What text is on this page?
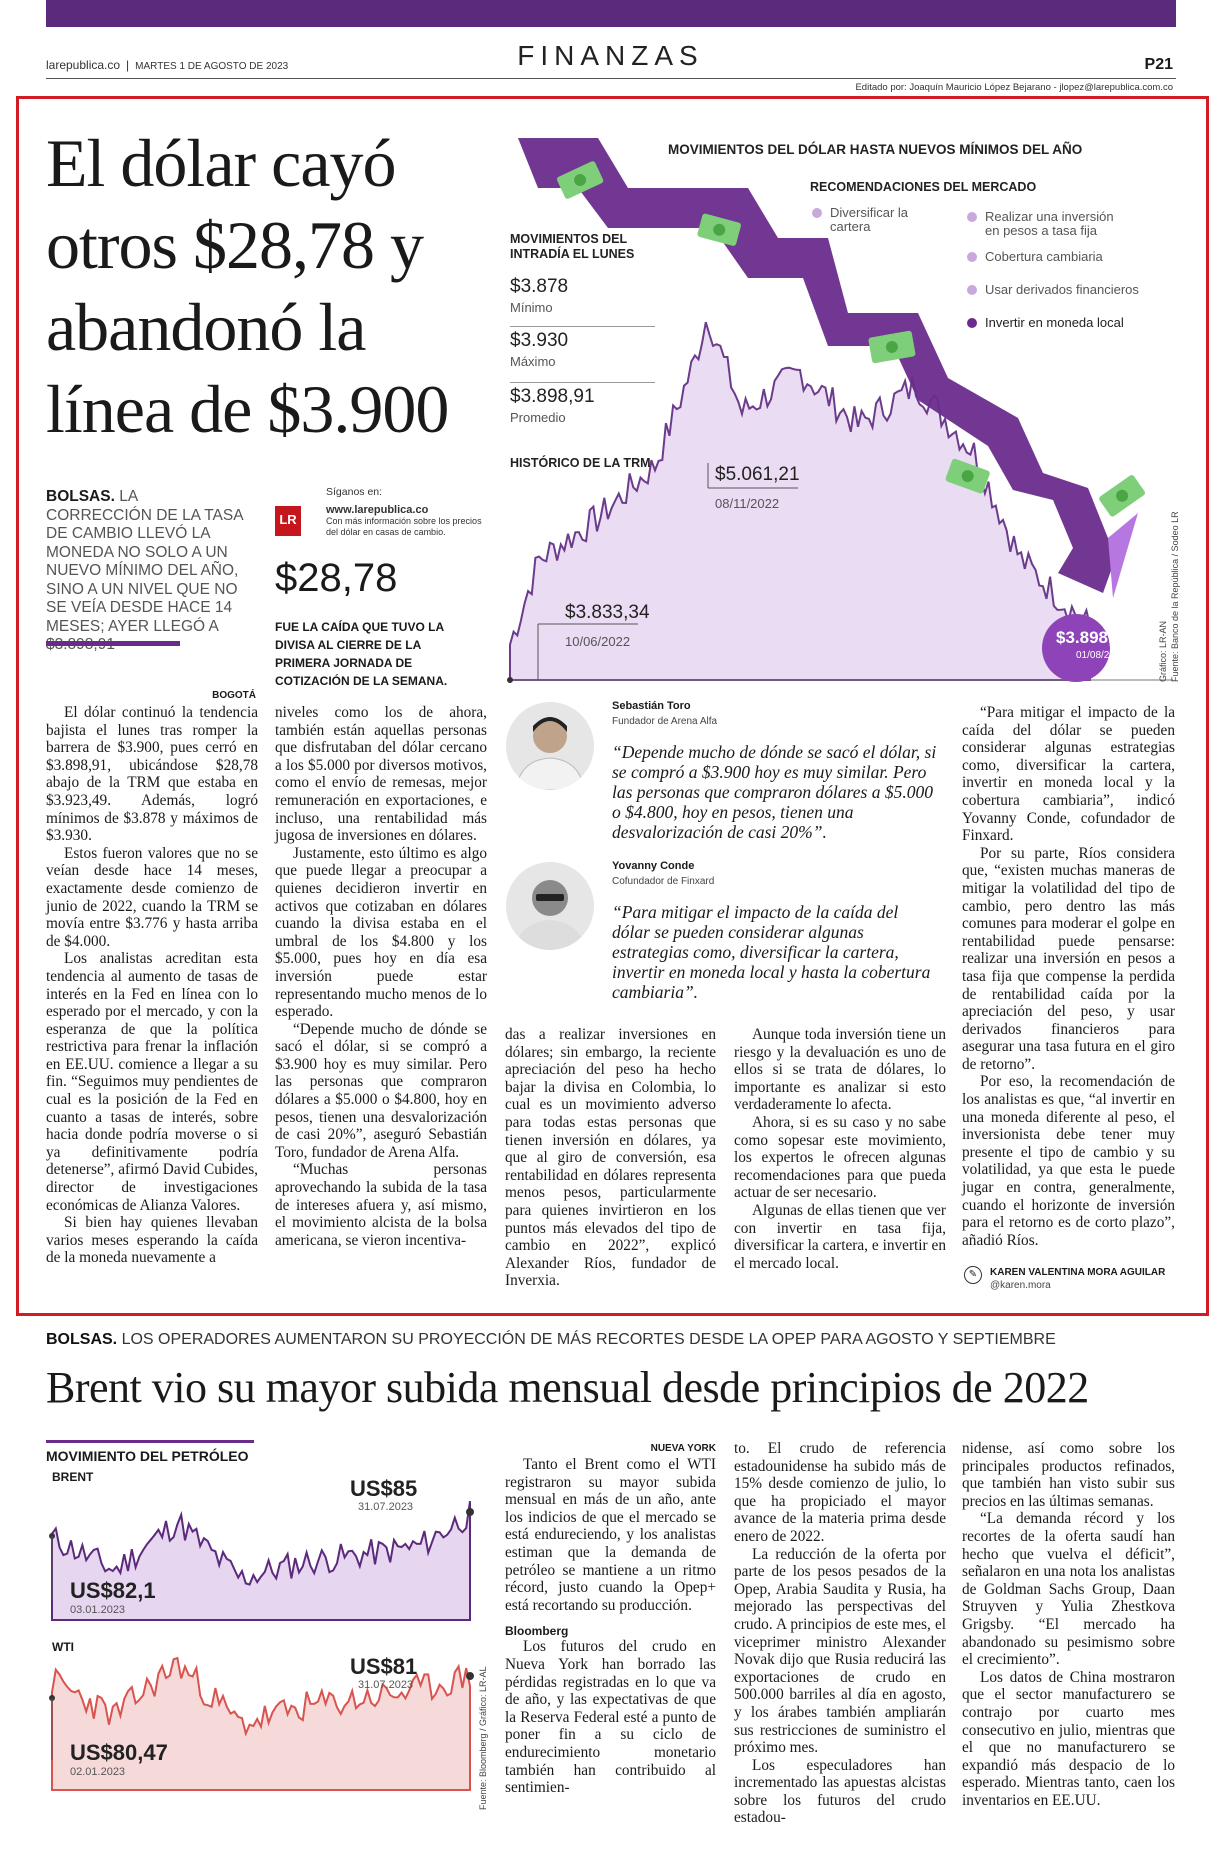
FINANZAS
larepublica.co | MARTES 1 DE AGOSTO DE 2023	P21
Editado por: Joaquín Mauricio López Bejarano - jlopez@larepublica.com.co
El dólar cayó otros $28,78 y abandonó la línea de $3.900
BOLSAS. LA CORRECCIÓN DE LA TASA DE CAMBIO LLEVÓ LA MONEDA NO SOLO A UN NUEVO MÍNIMO DEL AÑO, SINO A UN NIVEL QUE NO SE VEÍA DESDE HACE 14 MESES; AYER LLEGÓ A
LR
Síganos en:
www.larepublica.co
Con más información sobre los precios del dólar en casas de cambio.
$28,78
FUE LA CAÍDA QUE TUVO LA DIVISA AL CIERRE DE LA PRIMERA JORNADA DE COTIZACIÓN DE LA SEMANA.
BOGOTÁ

El dólar continuó la tendencia bajista el lunes tras romper la barrera de $3.900, pues cerró en $3.898,91, ubicándose $28,78 abajo de la TRM que estaba en $3.923,49. Además, logró mínimos de $3.878 y máximos de $3.930.

Estos fueron valores que no se veían desde hace 14 meses, exactamente desde comienzo de junio de 2022, cuando la TRM se movía entre $3.776 y hasta arriba de $4.000.

Los analistas acreditan esta tendencia al aumento de tasas de interés en la Fed en línea con lo esperado por el mercado, y con la esperanza de que la política restrictiva para frenar la inflación en EE.UU. comience a llegar a su fin. “Seguimos muy pendientes de cual es la posición de la Fed en cuanto a tasas de interés, sobre hacia donde podría moverse o si ya definitivamente podría detenerse”, afirmó David Cubides, director de investigaciones económicas de Alianza Valores.

Si bien hay quienes llevaban varios meses esperando la caída de la moneda nuevamente a

niveles como los de ahora, también están aquellas personas que disfrutaban del dólar cercano a los $5.000 por diversos motivos, como el envío de remesas, mejor remuneración en exportaciones, e incluso, una rentabilidad más jugosa de inversiones en dólares.

Justamente, esto último es algo que puede llegar a preocupar a quienes decidieron invertir en activos que cotizaban en dólares cuando la divisa estaba en el umbral de los $4.800 y los $5.000, pues hoy en día esa inversión puede estar representando mucho menos de lo esperado.

“Depende mucho de dónde se sacó el dólar, si se compró a $3.900 hoy es muy similar. Pero las personas que compraron dólares a $5.000 o $4.800, hoy en pesos, tienen una desvalorización de casi 20%”, aseguró Sebastián Toro, fundador de Arena Alfa.

“Muchas personas aprovechando la subida de la tasa de intereses afuera y, así mismo, el movimiento alcista de la bolsa americana, se vieron incentiva-

das a realizar inversiones en dólares; sin embargo, la reciente apreciación del peso ha hecho bajar la divisa en Colombia, lo cual es un movimiento adverso para todas estas personas que tienen inversión en dólares, ya que al giro de conversión, esa rentabilidad en dólares representa menos pesos, particularmente para quienes invirtieron en los puntos más elevados del tipo de cambio en 2022”, explicó Alexander Ríos, fundador de Inverxia.

Aunque toda inversión tiene un riesgo y la devaluación es uno de ellos si se trata de dólares, lo importante es analizar si esto verdaderamente lo afecta.

Ahora, si es su caso y no sabe como sopesar este movimiento, los expertos le ofrecen algunas recomendaciones para que pueda actuar de ser necesario.

Algunas de ellas tienen que ver con invertir en tasa fija, diversificar la cartera, e invertir en el mercado local.

“Para mitigar el impacto de la caída del dólar se pueden considerar algunas estrategias como, diversificar la cartera, invertir en moneda local y la cobertura cambiaria”, indicó Yovanny Conde, cofundador de Finxard.

Por su parte, Ríos considera que, “existen muchas maneras de mitigar la volatilidad del tipo de cambio, pero dentro las más comunes para moderar el golpe en rentabilidad puede pensarse: realizar una inversión en pesos a tasa fija que compense la perdida de rentabilidad caída por la apreciación del peso, y usar derivados financieros para asegurar una tasa futura en el giro de retorno”.

Por eso, la recomendación de los analistas es que, “al invertir en una moneda diferente al peso, el inversionista debe tener muy presente el tipo de cambio y su volatilidad, ya que esta le puede jugar en contra, generalmente, cuando el horizonte de inversión para el retorno es de corto plazo”, añadió Ríos.

Sebastián Toro
Fundador de Arena Alfa
“Depende mucho de dónde se sacó el dólar, si se compró a $3.900 hoy es muy similar. Pero las personas que compraron dólares a $5.000 o $4.800, hoy en pesos, tienen una desvalorización de casi 20%”.
Yovanny Conde
Cofundador de Finxard
“Para mitigar el impacto de la caída del dólar se pueden considerar algunas estrategias como, diversificar la cartera, invertir en moneda local y hasta la cobertura cambiaria”.
✎	KAREN VALENTINA MORA AGUILAR
@karen.mora
MOVIMIENTOS DEL DÓLAR HASTA NUEVOS MÍNIMOS DEL AÑO
RECOMENDACIONES DEL MERCADO
Diversificar la cartera
Realizar una inversión en pesos a tasa fija
Cobertura cambiaria
Usar derivados financieros
Invertir en moneda local
MOVIMIENTOS DEL INTRADÍA EL LUNES
$3.878
Mínimo
$3.930
Máximo
$3.898,91
Promedio
HISTÓRICO DE LA TRM
$5.061,21
08/11/2022
$3.833,34
10/06/2022	$3.898,48
01/08/2023	Gráfico: LR-AN Fuente: Banco de la República / Sodeo LR
BOLSAS. LOS OPERADORES AUMENTARON SU PROYECCIÓN DE MÁS RECORTES DESDE LA OPEP PARA AGOSTO Y SEPTIEMBRE
Brent vio su mayor subida mensual desde principios de 2022
MOVIMIENTO DEL PETRÓLEO
BRENT
WTI
US$82,1
03.01.2023
US$85
31.07.2023
US$80,47
02.01.2023
US$81
31.07.2023	Fuente: Bloomberg / Gráfico: LR-AL
NUEVA YORK
Bloomberg

Tanto el Brent como el WTI registraron su mayor subida mensual en más de un año, ante los indicios de que el mercado se está endureciendo, y los analistas estiman que la demanda de petróleo se mantiene a un ritmo récord, justo cuando la Opep+ está recortando su producción.

Los futuros del crudo en Nueva York han borrado las pérdidas registradas en lo que va de año, y las expectativas de que la Reserva Federal esté a punto de poner fin a su ciclo de endurecimiento monetario también han contribuido al sentimien-

to. El crudo de referencia estadounidense ha subido más de 15% desde comienzo de julio, lo que ha propiciado el mayor avance de la materia prima desde enero de 2022.

La reducción de la oferta por parte de los pesos pesados de la Opep, Arabia Saudita y Rusia, ha mejorado las perspectivas del crudo. A principios de este mes, el viceprimer ministro Alexander Novak dijo que Rusia reducirá las exportaciones de crudo en 500.000 barriles al día en agosto, y los árabes también ampliarán sus restricciones de suministro el próximo mes.

Los especuladores han incrementado las apuestas alcistas sobre los futuros del crudo estadou-

nidense, así como sobre los principales productos refinados, que también han visto subir sus precios en las últimas semanas.

“La demanda récord y los recortes de la oferta saudí han hecho que vuelva el déficit”, señalaron en una nota los analistas de Goldman Sachs Group, Daan Struyven y Yulia Zhestkova Grigsby. “El mercado ha abandonado su pesimismo sobre el crecimiento”.

Los datos de China mostraron que el sector manufacturero se contrajo por cuarto mes consecutivo en julio, mientras que el que no manufacturero se expandió más despacio de lo esperado. Mientras tanto, caen los inventarios en EE.UU.
